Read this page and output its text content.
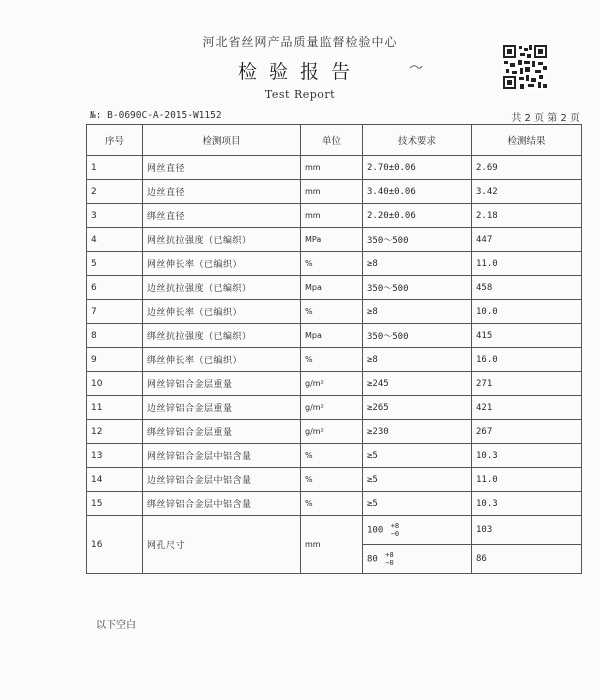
河北省丝网产品质量监督检验中心
检验报告
Test Report
№: B-0690C-A-2015-W1152	共 2 页 第 2 页
序号	检测项目	单位	技术要求	检测结果
1	网丝直径	mm	2.70±0.06	2.69
2	边丝直径	mm	3.40±0.06	3.42
3	绑丝直径	mm	2.20±0.06	2.18
4	网丝抗拉强度（已编织）	MPa	350～500	447
5	网丝伸长率（已编织）	%	≥8	11.0
6	边丝抗拉强度（已编织）	Mpa	350～500	458
7	边丝伸长率（已编织）	%	≥8	10.0
8	绑丝抗拉强度（已编织）	Mpa	350～500	415
9	绑丝伸长率（已编织）	%	≥8	16.0
10	网丝锌铝合金层重量	g/m²	≥245	271
11	边丝锌铝合金层重量	g/m²	≥265	421
12	绑丝锌铝合金层重量	g/m²	≥230	267
13	网丝锌铝合金层中铝含量	%	≥5	10.3
14	边丝锌铝合金层中铝含量	%	≥5	11.0
15	绑丝锌铝合金层中铝含量	%	≥5	10.3
16	网孔尺寸	mm	100 +8
−0	103
			80 +8
−0	86
以下空白
